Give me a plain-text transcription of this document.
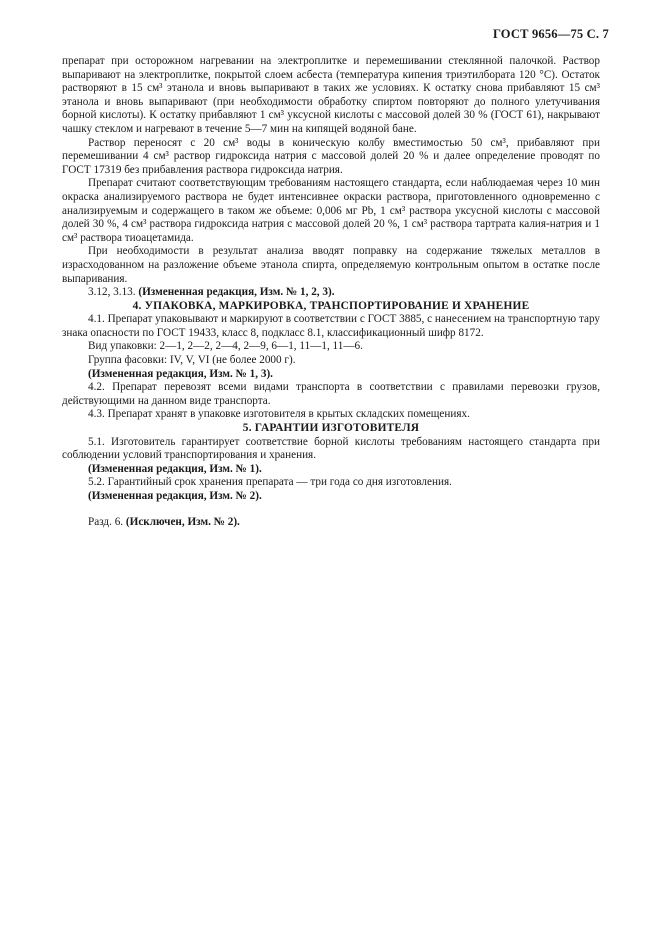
ГОСТ 9656—75 С. 7

препарат при осторожном нагревании на электроплитке и перемешивании стеклянной палочкой. Раствор выпаривают на электроплитке, покрытой слоем асбеста (температура кипения триэтилбората 120 °С). Остаток растворяют в 15 см³ этанола и вновь выпаривают в таких же условиях. К остатку снова прибавляют 15 см³ этанола и вновь выпаривают (при необходимости обработку спиртом повторяют до полного улетучивания борной кислоты). К остатку прибавляют 1 см³ уксусной кислоты с массовой долей 30 % (ГОСТ 61), накрывают чашку стеклом и нагревают в течение 5—7 мин на кипящей водяной бане.

Раствор переносят с 20 см³ воды в коническую колбу вместимостью 50 см³, прибавляют при перемешивании 4 см³ раствор гидроксида натрия с массовой долей 20 % и далее определение проводят по ГОСТ 17319 без прибавления раствора гидроксида натрия.

Препарат считают соответствующим требованиям настоящего стандарта, если наблюдаемая через 10 мин окраска анализируемого раствора не будет интенсивнее окраски раствора, приготовленного одновременно с анализируемым и содержащего в таком же объеме: 0,006 мг Pb, 1 см³ раствора уксусной кислоты с массовой долей 30 %, 4 см³ раствора гидроксида натрия с массовой долей 20 %, 1 см³ раствора тартрата калия-натрия и 1 см³ раствора тиоацетамида.

При необходимости в результат анализа вводят поправку на содержание тяжелых металлов в израсходованном на разложение объеме этанола спирта, определяемую контрольным опытом в остатке после выпаривания.

3.12, 3.13. (Измененная редакция, Изм. № 1, 2, 3).

4. УПАКОВКА, МАРКИРОВКА, ТРАНСПОРТИРОВАНИЕ И ХРАНЕНИЕ

4.1. Препарат упаковывают и маркируют в соответствии с ГОСТ 3885, с нанесением на транспортную тару знака опасности по ГОСТ 19433, класс 8, подкласс 8.1, классификационный шифр 8172.

Вид упаковки: 2—1, 2—2, 2—4, 2—9, 6—1, 11—1, 11—6.

Группа фасовки: IV, V, VI (не более 2000 г).

(Измененная редакция, Изм. № 1, 3).

4.2. Препарат перевозят всеми видами транспорта в соответствии с правилами перевозки грузов, действующими на данном виде транспорта.

4.3. Препарат хранят в упаковке изготовителя в крытых складских помещениях.

5. ГАРАНТИИ ИЗГОТОВИТЕЛЯ

5.1. Изготовитель гарантирует соответствие борной кислоты требованиям настоящего стандарта при соблюдении условий транспортирования и хранения.

(Измененная редакция, Изм. № 1).

5.2. Гарантийный срок хранения препарата — три года со дня изготовления.

(Измененная редакция, Изм. № 2).

Разд. 6. (Исключен, Изм. № 2).
